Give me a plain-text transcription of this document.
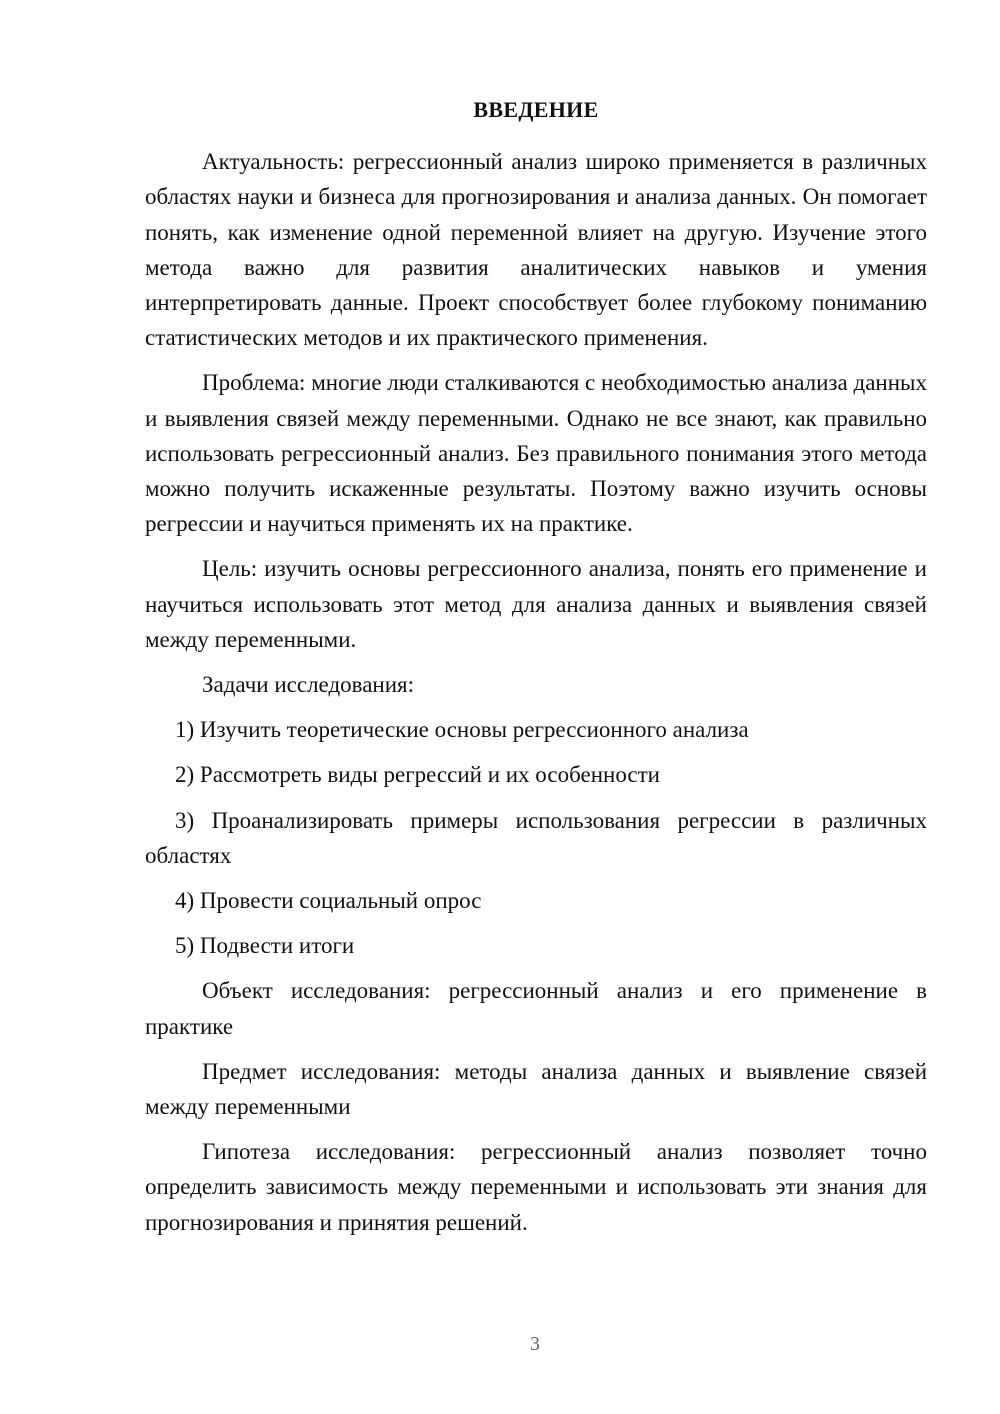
ВВЕДЕНИЕ

Актуальность: регрессионный анализ широко применяется в различных областях науки и бизнеса для прогнозирования и анализа данных. Он помогает понять, как изменение одной переменной влияет на другую. Изучение этого метода важно для развития аналитических навыков и умения интерпретировать данные. Проект способствует более глубокому пониманию статистических методов и их практического применения.

Проблема: многие люди сталкиваются с необходимостью анализа данных и выявления связей между переменными. Однако не все знают, как правильно использовать регрессионный анализ. Без правильного понимания этого метода можно получить искаженные результаты. Поэтому важно изучить основы регрессии и научиться применять их на практике.

Цель: изучить основы регрессионного анализа, понять его применение и научиться использовать этот метод для анализа данных и выявления связей между переменными.

Задачи исследования:

1) Изучить теоретические основы регрессионного анализа

2) Рассмотреть виды регрессий и их особенности

3) Проанализировать примеры использования регрессии в различных областях

4) Провести социальный опрос

5) Подвести итоги

Объект исследования: регрессионный анализ и его применение в практике

Предмет исследования: методы анализа данных и выявление связей между переменными

Гипотеза исследования: регрессионный анализ позволяет точно определить зависимость между переменными и использовать эти знания для прогнозирования и принятия решений.

3
